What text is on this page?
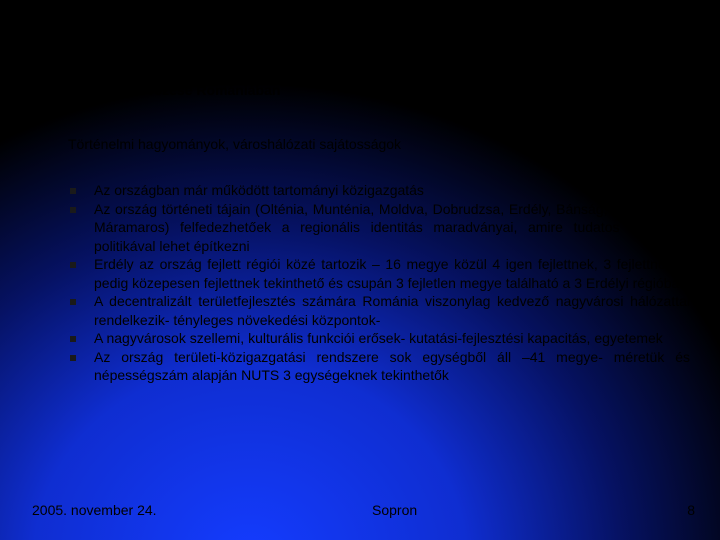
Régiók szervezése Romániában
Történelmi hagyományok, városhálózati sajátosságok
Az országban már működött tartományi közigazgatás
Az ország történeti tájain (Olténia, Munténia, Moldva, Dobrudzsa, Erdély, Bánság, Kőrös-vidék, Máramaros) felfedezhetőek a regionális identitás maradványai, amire tudatos regionális politikával lehet építkezni
Erdély az ország fejlett régiói közé tartozik – 16 megye közül 4 igen fejlettnek, 3 fejlettnek, 6 pedig közepesen fejlettnek tekinthető és csupán 3 fejletlen megye található a 3 Erdélyi régióban
A decentralizált területfejlesztés számára Románia viszonylag kedvező nagyvárosi hálózattal rendelkezik- tényleges növekedési központok-
A nagyvárosok szellemi, kulturális funkciói erősek- kutatási-fejlesztési kapacitás, egyetemek
Az ország területi-közigazgatási rendszere sok egységből áll –41 megye- méretük és népességszám alapján NUTS 3 egységeknek tekinthetők
2005. november 24.	Sopron	8
